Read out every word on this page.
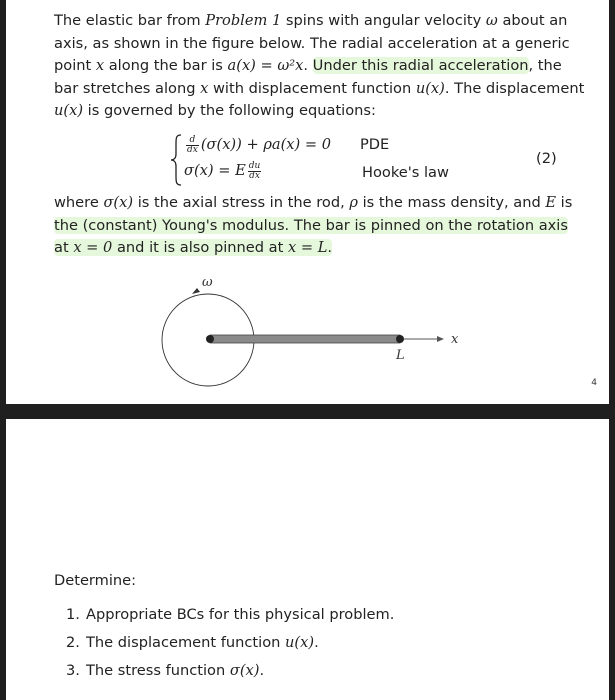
The elastic bar from Problem 1 spins with angular velocity ω about an
axis, as shown in the figure below. The radial acceleration at a generic
point x along the bar is a(x) = ω²x. Under this radial acceleration, the
bar stretches along x with displacement function u(x). The displacement
u(x) is governed by the following equations:
$\frac{d}{dx} (\sigma(x)) + \rho a(x) = 0$ PDE
σ(x) = E $\frac{du}{dx}$	Hooke's law
(2)
where σ(x) is the axial stress in the rod, ρ is the mass density, and E is
the (constant) Young's modulus. The bar is pinned on the rotation axis
at x = 0 and it is also pinned at x = L.
ω
x
L
4
Determine:
1. Appropriate BCs for this physical problem.
2. The displacement function u(x).
3. The stress function σ(x).
